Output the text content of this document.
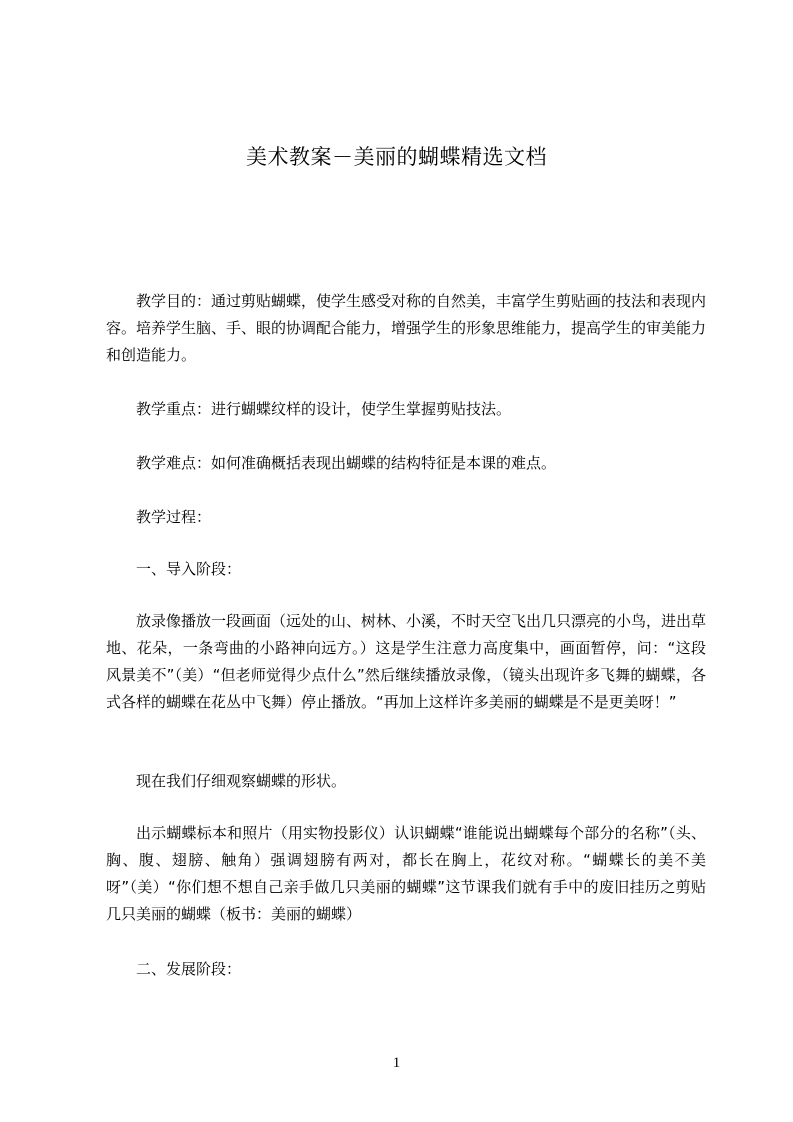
美术教案－美丽的蝴蝶精选文档
教学目的：通过剪贴蝴蝶，使学生感受对称的自然美，丰富学生剪贴画的技法和表现内容。培养学生脑、手、眼的协调配合能力，增强学生的形象思维能力，提高学生的审美能力和创造能力。
教学重点：进行蝴蝶纹样的设计，使学生掌握剪贴技法。
教学难点：如何准确概括表现出蝴蝶的结构特征是本课的难点。
教学过程：
一、导入阶段：
放录像播放一段画面（远处的山、树林、小溪，不时天空飞出几只漂亮的小鸟，进出草地、花朵，一条弯曲的小路神向远方。）这是学生注意力高度集中，画面暂停，问：“这段风景美不”（美）“但老师觉得少点什么”然后继续播放录像，（镜头出现许多飞舞的蝴蝶，各式各样的蝴蝶在花丛中飞舞）停止播放。“再加上这样许多美丽的蝴蝶是不是更美呀！”
现在我们仔细观察蝴蝶的形状。
出示蝴蝶标本和照片（用实物投影仪）认识蝴蝶“谁能说出蝴蝶每个部分的名称”（头、胸、腹、翅膀、触角）强调翅膀有两对，都长在胸上，花纹对称。“蝴蝶长的美不美呀”（美）“你们想不想自己亲手做几只美丽的蝴蝶”这节课我们就有手中的废旧挂历之剪贴几只美丽的蝴蝶（板书：美丽的蝴蝶）
二、发展阶段：
1
